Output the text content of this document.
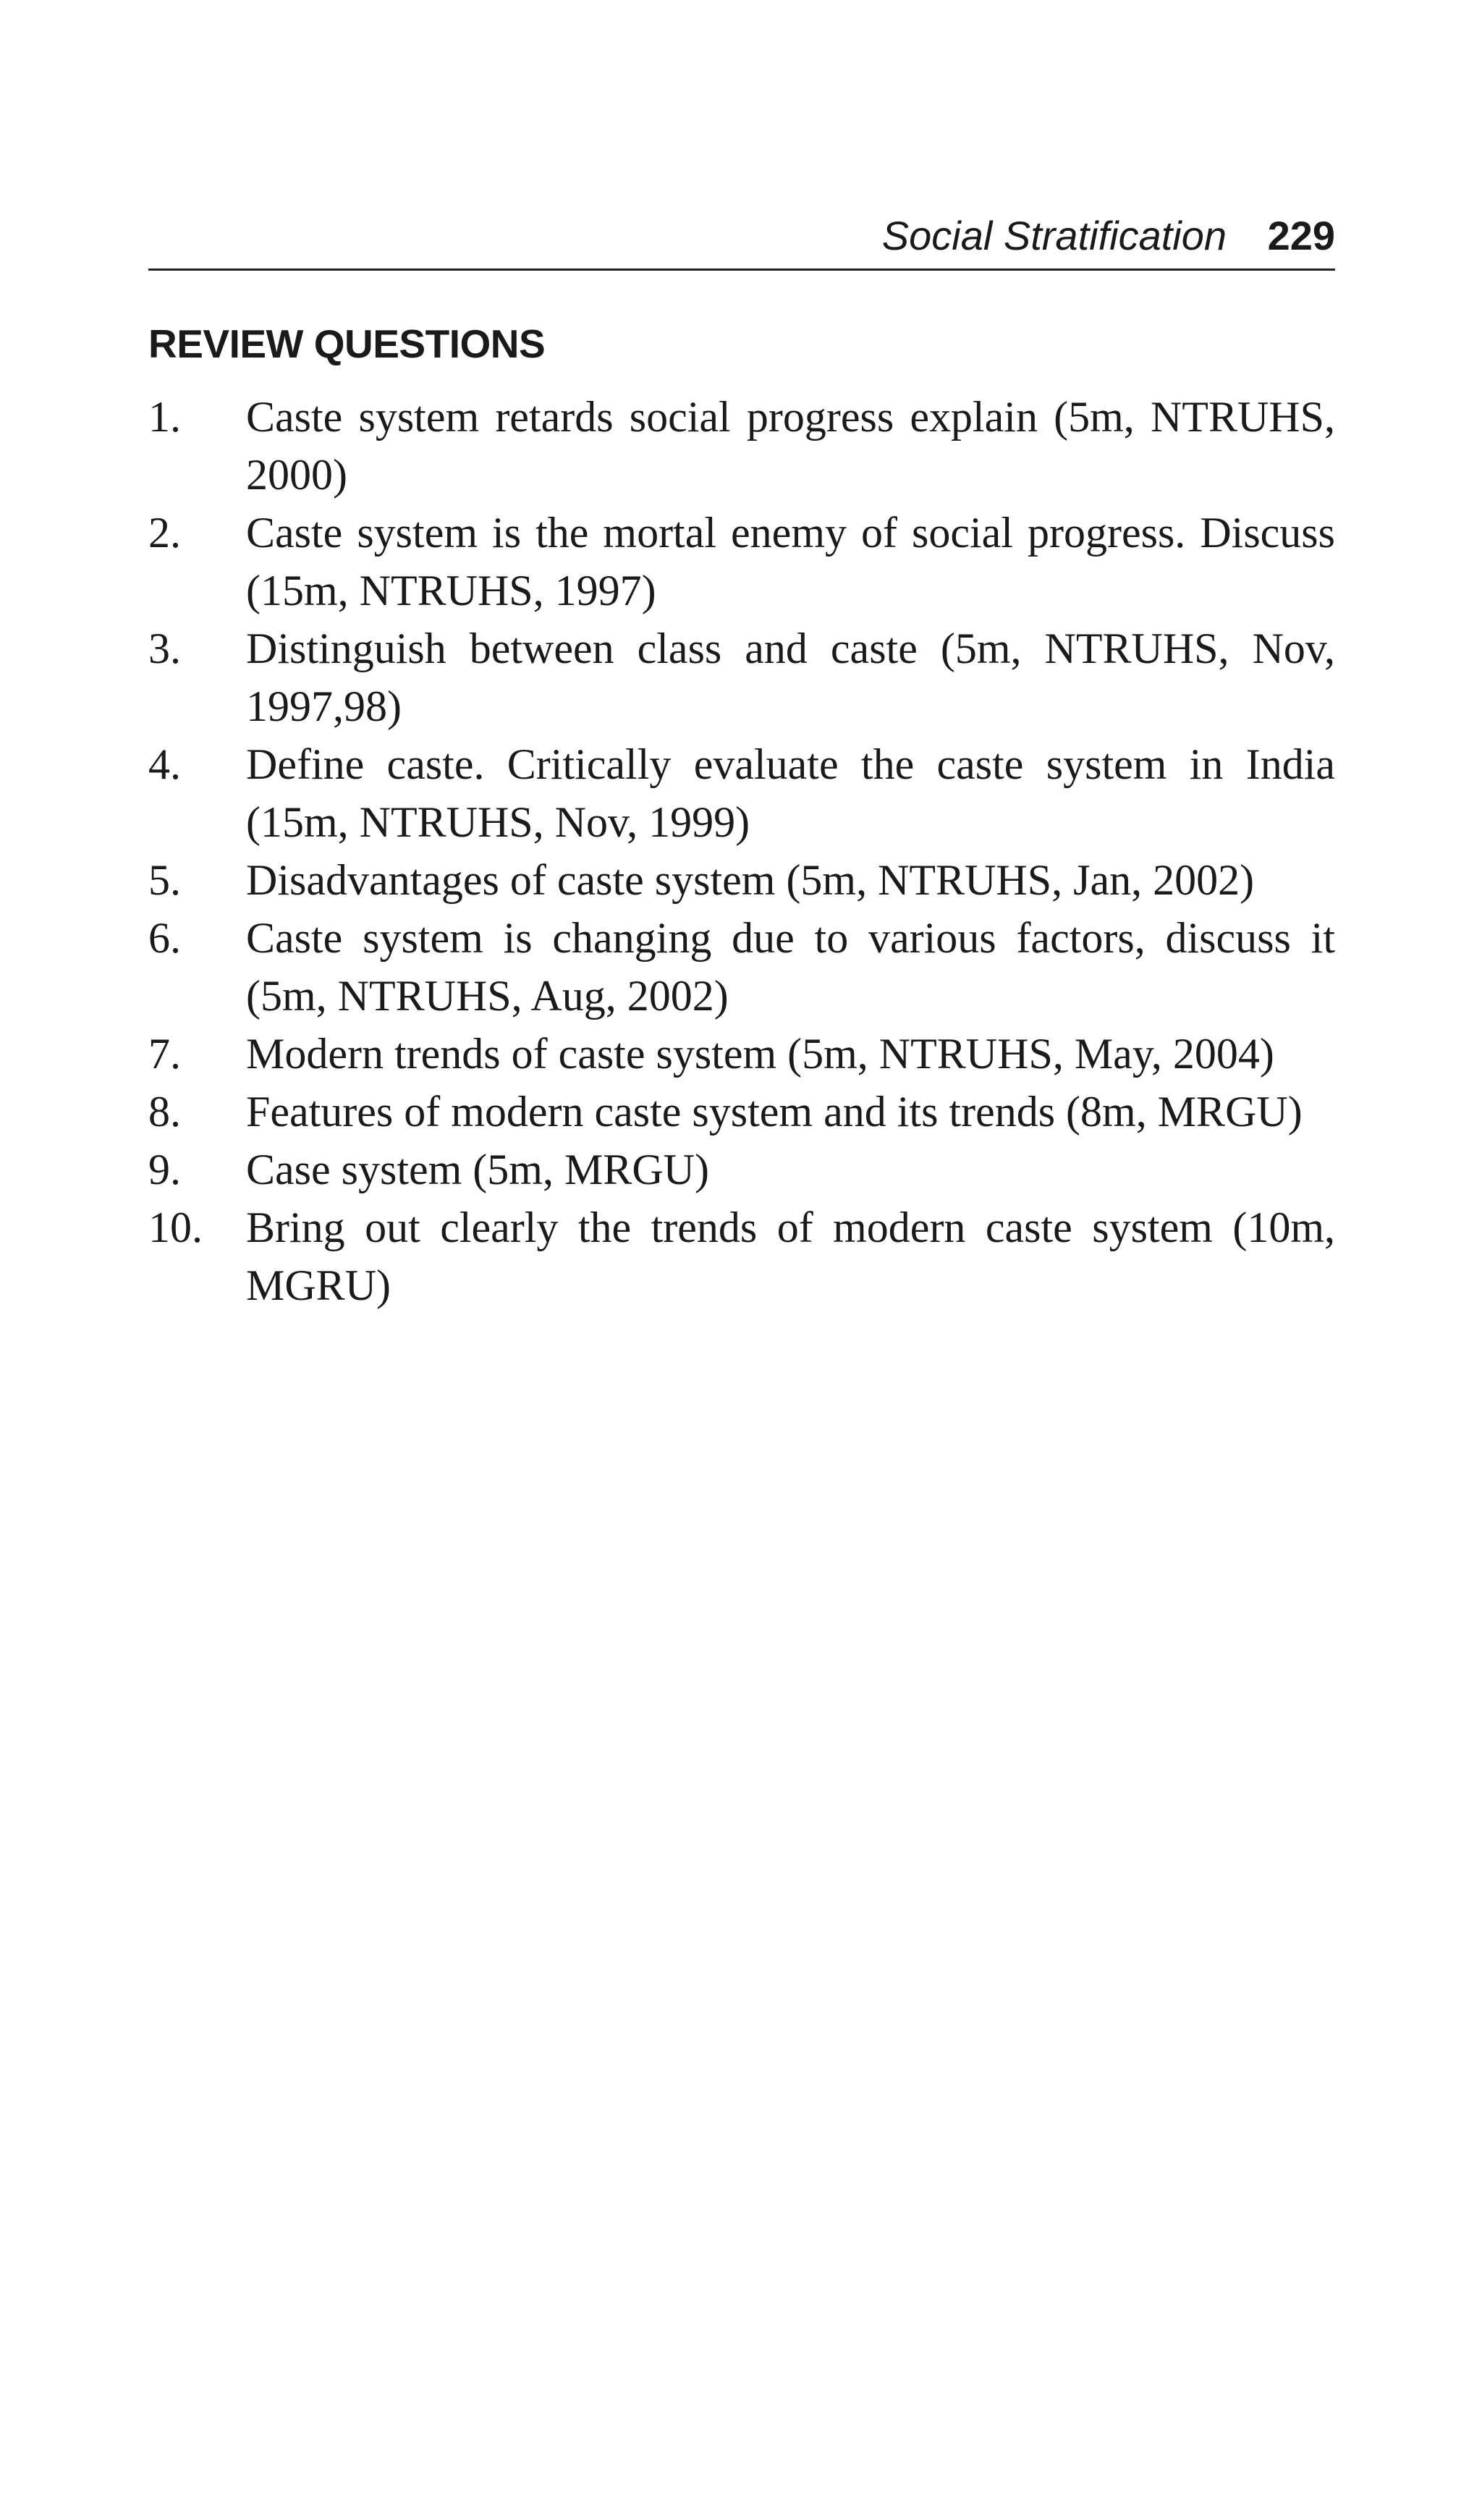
Social Stratification 229
REVIEW QUESTIONS
1.	Caste system retards social progress explain (5m, NTRUHS, 2000)
2.	Caste system is the mortal enemy of social progress. Discuss (15m, NTRUHS, 1997)
3.	Distinguish between class and caste (5m, NTRUHS, Nov, 1997,98)
4.	Define caste. Critically evaluate the caste system in India (15m, NTRUHS, Nov, 1999)
5.	Disadvantages of caste system (5m, NTRUHS, Jan, 2002)
6.	Caste system is changing due to various factors, discuss it (5m, NTRUHS, Aug, 2002)
7.	Modern trends of caste system (5m, NTRUHS, May, 2004)
8.	Features of modern caste system and its trends (8m, MRGU)
9.	Case system (5m, MRGU)
10.	Bring out clearly the trends of modern caste system (10m, MGRU)
